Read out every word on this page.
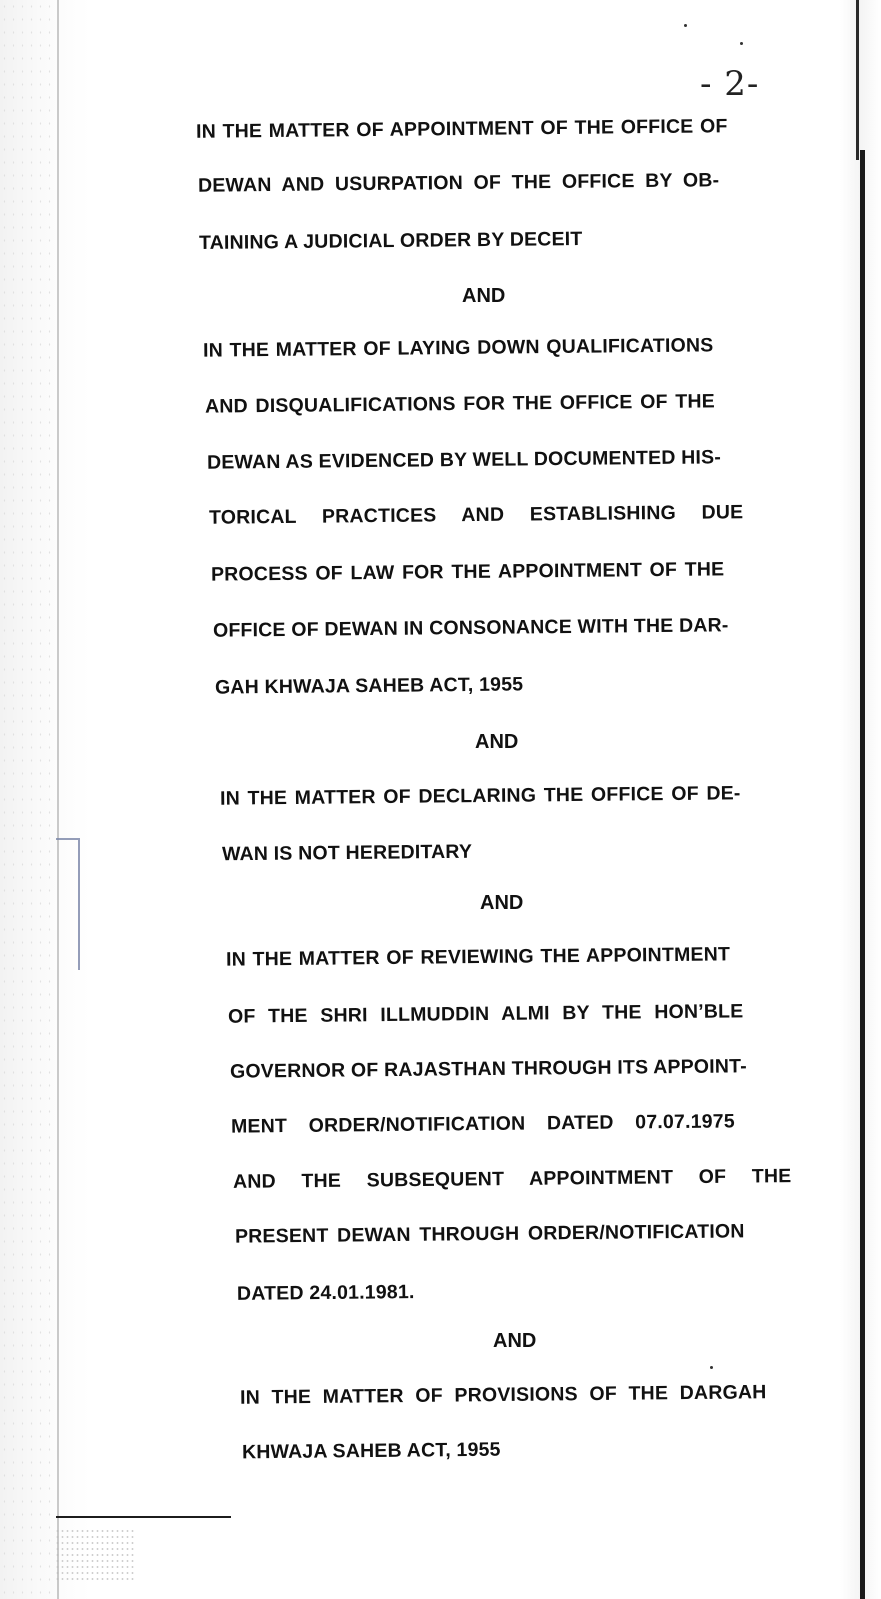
- 2-
IN THE MATTER OF APPOINTMENT OF THE OFFICE OF
DEWAN AND USURPATION OF THE OFFICE BY OB-
TAINING A JUDICIAL ORDER BY DECEIT
AND
IN THE MATTER OF LAYING DOWN QUALIFICATIONS
AND DISQUALIFICATIONS FOR THE OFFICE OF THE
DEWAN AS EVIDENCED BY WELL DOCUMENTED HIS-
TORICAL PRACTICES AND ESTABLISHING DUE
PROCESS OF LAW FOR THE APPOINTMENT OF THE
OFFICE OF DEWAN IN CONSONANCE WITH THE DAR-
GAH KHWAJA SAHEB ACT, 1955
AND
IN THE MATTER OF DECLARING THE OFFICE OF DE-
WAN IS NOT HEREDITARY
AND
IN THE MATTER OF REVIEWING THE APPOINTMENT
OF THE SHRI ILLMUDDIN ALMI BY THE HON’BLE
GOVERNOR OF RAJASTHAN THROUGH ITS APPOINT-
MENT ORDER/NOTIFICATION DATED 07.07.1975
AND THE SUBSEQUENT APPOINTMENT OF THE
PRESENT DEWAN THROUGH ORDER/NOTIFICATION
DATED 24.01.1981.
AND
IN THE MATTER OF PROVISIONS OF THE DARGAH
KHWAJA SAHEB ACT, 1955
